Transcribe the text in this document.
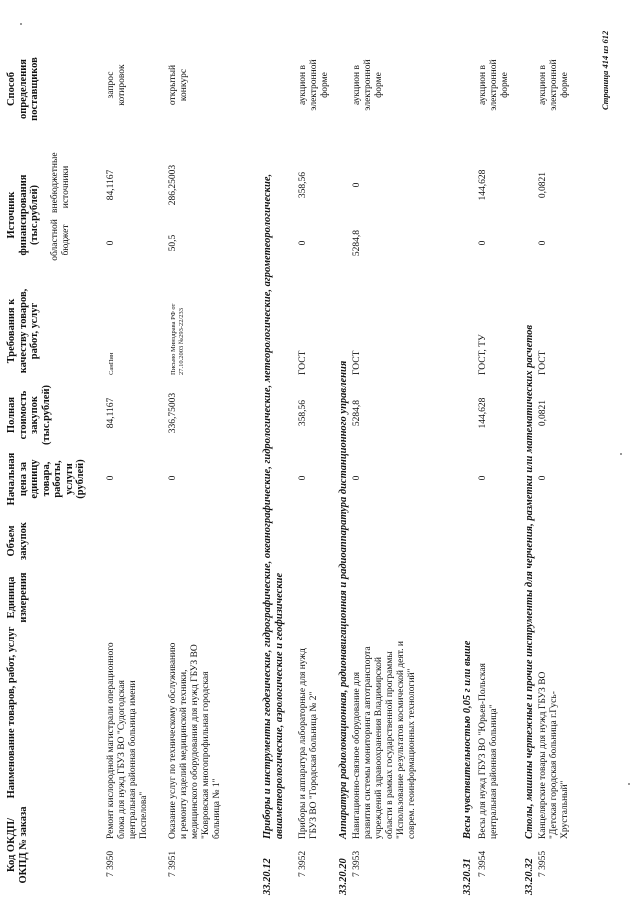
Код ОКДП/ ОКПД № заказа
Наименование товаров, работ, услуг
Единица измерения
Объем закупок
Начальная цена за единицу товара, работы, услуги (рублей)
Полная стоимость закупок (тыс.рублей)
Требования к качеству товаров, работ, услуг
Источник финансирования (тыс.рублей) областной бюджет
внебюджетные источники
Способ определения поставщиков
7 3950
Ремонт кислородной магистрали операционного блока для нужд ГБУЗ ВО "Судогодская центральная районная больница имени Поспелова"
0
84,1167
СанПин
0
84,1167
запрос котировок
7 3951
Оказание услуг по техническому обслуживанию и ремонту изделий медицинской техники, медицинского оборудования для нужд ГБУЗ ВО "Ковровская многопрофильная городская больница № 1"
0
336,75003
Письмо Минздрава РФ от 27.10.2003 №293-22/233
50,5
286,25003
открытый конкурс
33.20.12
Приборы и инструменты геодезические, гидрографические, океанографические, гидрологические, метеорологические, агрометеорологические, авиаметеорологические, аэрологические и геофизические
7 3952
Приборы и аппаратура лабораторные для нужд ГБУЗ ВО "Городская больница № 2"
0
358,56
ГОСТ
0
358,56
аукцион в электронной форме
33.20.20
Аппаратура радиолокационная, радионавигационная и радиоаппаратура дистанционного управления
7 3953
Навигационно-связное оборудование для развития системы мониторинга автотранспорта учреждений здравоохранения Владимирской области в рамках государственной программы "Использование результатов космической деят. и соврем. геоинформационных технологий"
0
5284,8
ГОСТ
5284,8
0
аукцион в электронной форме
33.20.31
Весы чувствительностью 0,05 г или выше
7 3954
Весы для нужд ГБУЗ ВО "Юрьев-Польская центральная районная больница"
0
144,628
ГОСТ, ТУ
0
144,628
аукцион в электронной форме
33.20.32
Столы, машины чертежные и прочие инструменты для черчения, разметки или математических расчетов
7 3955
Канцелярские товары для нужд ГБУЗ ВО "Детская городская больница г.Гусь-Хрустальный"
0
0,0821
ГОСТ
0
0,0821
аукцион в электронной форме	Страница 414 из 612
